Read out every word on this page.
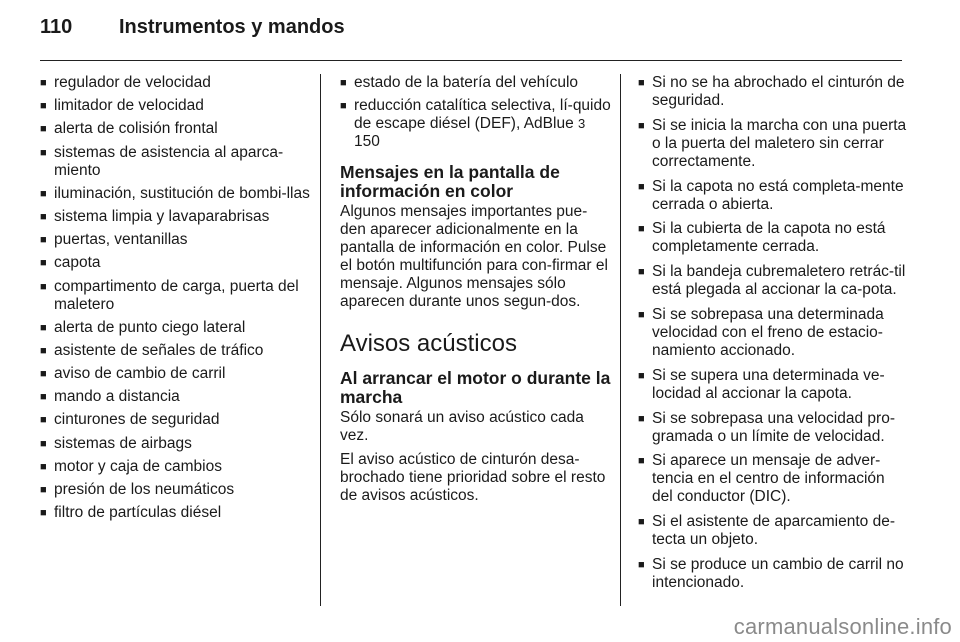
110 Instrumentos y mandos
■ regulador de velocidad
■ limitador de velocidad
■ alerta de colisión frontal
■ sistemas de asistencia al aparca-miento
■ iluminación, sustitución de bombi-llas
■ sistema limpia y lavaparabrisas
■ puertas, ventanillas
■ capota
■ compartimento de carga, puerta del maletero
■ alerta de punto ciego lateral
■ asistente de señales de tráfico
■ aviso de cambio de carril
■ mando a distancia
■ cinturones de seguridad
■ sistemas de airbags
■ motor y caja de cambios
■ presión de los neumáticos
■ filtro de partículas diésel
■ estado de la batería del vehículo
■ reducción catalítica selectiva, lí-quido de escape diésel (DEF), AdBlue 3 150
Mensajes en la pantalla de información en color

Algunos mensajes importantes pue-den aparecer adicionalmente en la pantalla de información en color. Pulse el botón multifunción para con-firmar el mensaje. Algunos mensajes sólo aparecen durante unos segun-dos.

Avisos acústicos
Al arrancar el motor o durante la marcha

Sólo sonará un aviso acústico cada vez.

El aviso acústico de cinturón desa-brochado tiene prioridad sobre el resto de avisos acústicos.

■ Si no se ha abrochado el cinturón de seguridad.
■ Si se inicia la marcha con una puerta o la puerta del maletero sin cerrar correctamente.
■ Si la capota no está completa-mente cerrada o abierta.
■ Si la cubierta de la capota no está completamente cerrada.
■ Si la bandeja cubremaletero retrác-til está plegada al accionar la ca-pota.
■ Si se sobrepasa una determinada velocidad con el freno de estacio-namiento accionado.
■ Si se supera una determinada ve-locidad al accionar la capota.
■ Si se sobrepasa una velocidad pro-gramada o un límite de velocidad.
■ Si aparece un mensaje de adver-tencia en el centro de información del conductor (DIC).
■ Si el asistente de aparcamiento de-tecta un objeto.
■ Si se produce un cambio de carril no intencionado.
carmanualsonline.info
